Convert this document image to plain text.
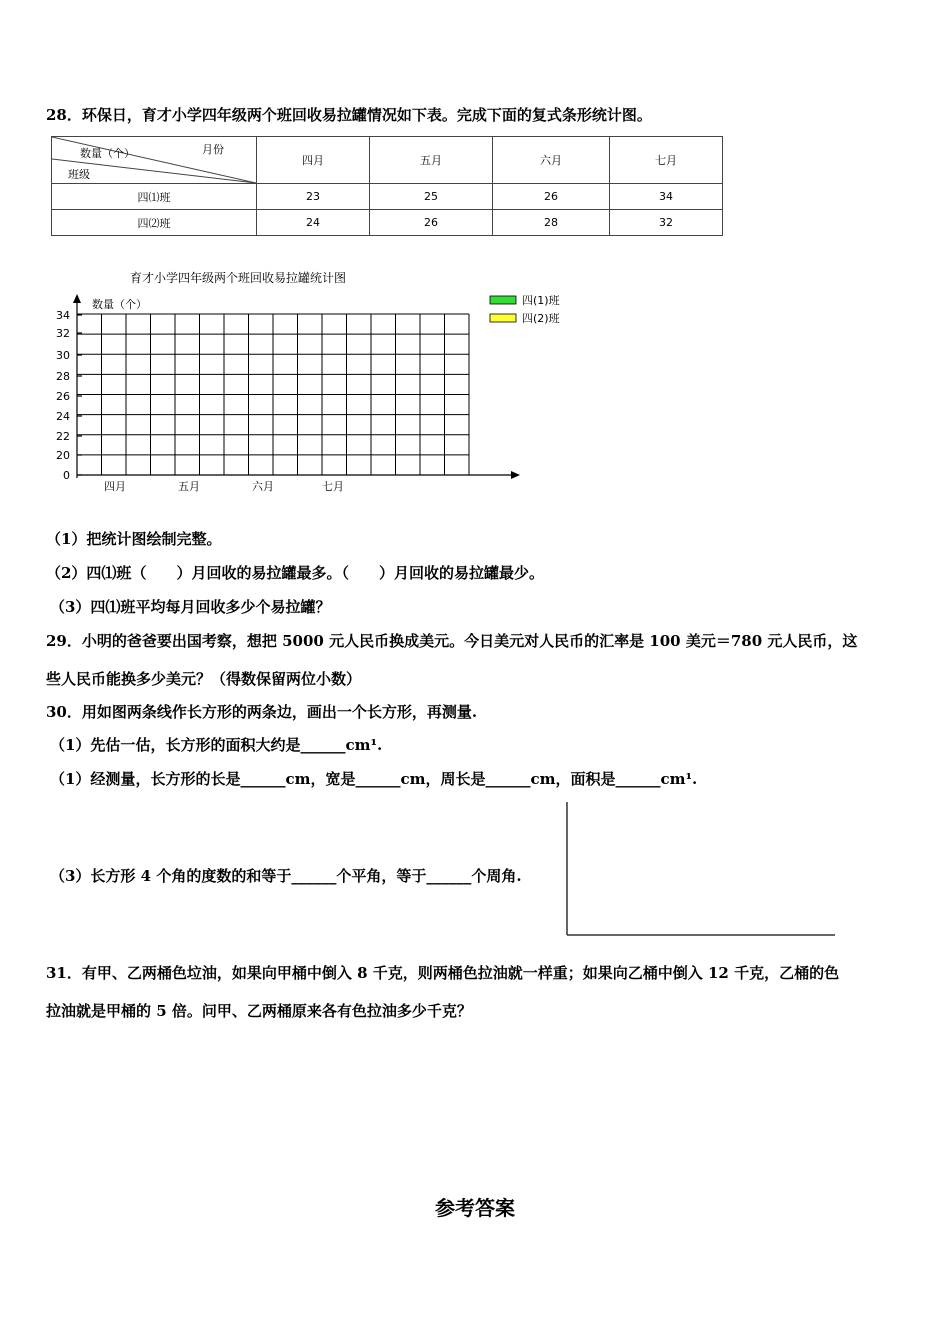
28．环保日，育才小学四年级两个班回收易拉罐情况如下表。完成下面的复式条形统计图。
月份
数量（个）
班级	四月	五月	六月	七月
四⑴班	23	25	26	34
四⑵班	24	26	28	32
育才小学四年级两个班回收易拉罐统计图
数量（个）
0
20
22
24
26
28
30
32
34
四月	五月	六月	七月
四(1)班
四(2)班
（1）把统计图绘制完整。
（2）四⑴班（　　）月回收的易拉罐最多。（　　）月回收的易拉罐最少。
（3）四⑴班平均每月回收多少个易拉罐？
29．小明的爸爸要出国考察，想把 5000 元人民币换成美元。今日美元对人民币的汇率是 100 美元＝780 元人民币，这
些人民币能换多少美元？（得数保留两位小数）
30．用如图两条线作长方形的两条边，画出一个长方形，再测量.
（1）先估一估，长方形的面积大约是______cm¹.
（1）经测量，长方形的长是______cm，宽是______cm，周长是______cm，面积是______cm¹.
（3）长方形 4 个角的度数的和等于______个平角，等于______个周角.
31．有甲、乙两桶色垃油，如果向甲桶中倒入 8 千克，则两桶色拉油就一样重；如果向乙桶中倒入 12 千克，乙桶的色
拉油就是甲桶的 5 倍。问甲、乙两桶原来各有色拉油多少千克？
参考答案
